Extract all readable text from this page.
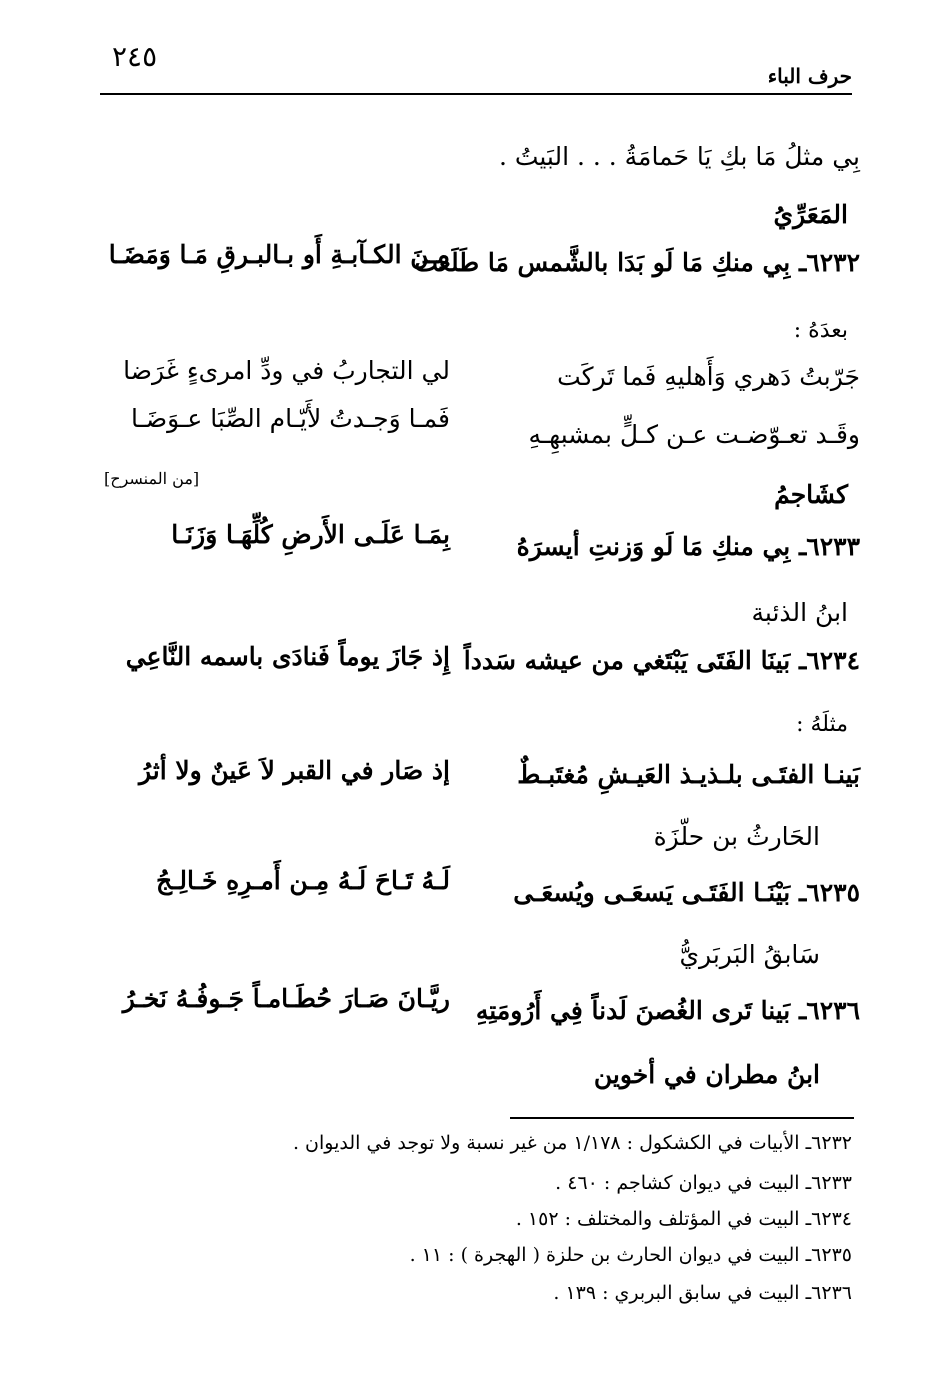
٢٤٥
حرف الباء
بِي مثلُ مَا بكِ يَا حَمامَةُ . . . البَيتُ .
المَعَرِّيُ
٦٢٣٢ـ بِي منكِ مَا لَو بَدَا بالشَّمس مَا طَلَعت
مِـنَ الكـآبـةِ أَو بـالبـرقِ مَـا وَمَضَـا
بعدَهُ :
جَرّبتُ دَهري وَأَهليهِ فَما تَركَت
لي التجاربُ في ودِّ امرىءٍ غَرَضا
وقَـد تعـوّضـت عـن كـلٍّ بمشبهِـهِ
فَمـا وَجـدتُ لأَيّـام الصِّبَا عـوَضَـا
كشَاجمُ
[من المنسرح]
٦٢٣٣ـ بِي منكِ مَا لَو وَزنتِ أيسرَهُ
بِمَـا عَلَـى الأَرضِ كُلِّهَـا وَزَنَـا
ابنُ الذئبة
٦٢٣٤ـ بَينَا الفَتَى يَبْتَغي من عيشه سَدداً
إِذ جَازَ يوماً فَنادَى باسمه النَّاعِي
مثلَهُ :
بَينـا الفتَـى بلـذيـذ العَيـشِ مُغتَبـطٌ
إذ صَار في القبر لاَ عَينٌ ولا أثرُ
الحَارثُ بن حلّزَة
٦٢٣٥ـ بَيْنَـا الفَتَـى يَسعَـى ويُسعَـى
لَـهُ تَـاحَ لَـهُ مِـن أَمـرِهِ خَـالِـجُ
سَابقُ البَربَريُّ
٦٢٣٦ـ بَينا تَرى الغُصنَ لَدناً فِي أَرُومَتِهِ
ريَّـانَ صَـارَ حُطَـامـاً جَـوفُـهُ نَخـرُ
ابنُ مطران في أخوين
٦٢٣٢ـ الأبيات في الكشكول : ١/١٧٨ من غير نسبة ولا توجد في الديوان .
٦٢٣٣ـ البيت في ديوان كشاجم : ٤٦٠ .
٦٢٣٤ـ البيت في المؤتلف والمختلف : ١٥٢ .
٦٢٣٥ـ البيت في ديوان الحارث بن حلزة ( الهجرة ) : ١١ .
٦٢٣٦ـ البيت في سابق البربري : ١٣٩ .
